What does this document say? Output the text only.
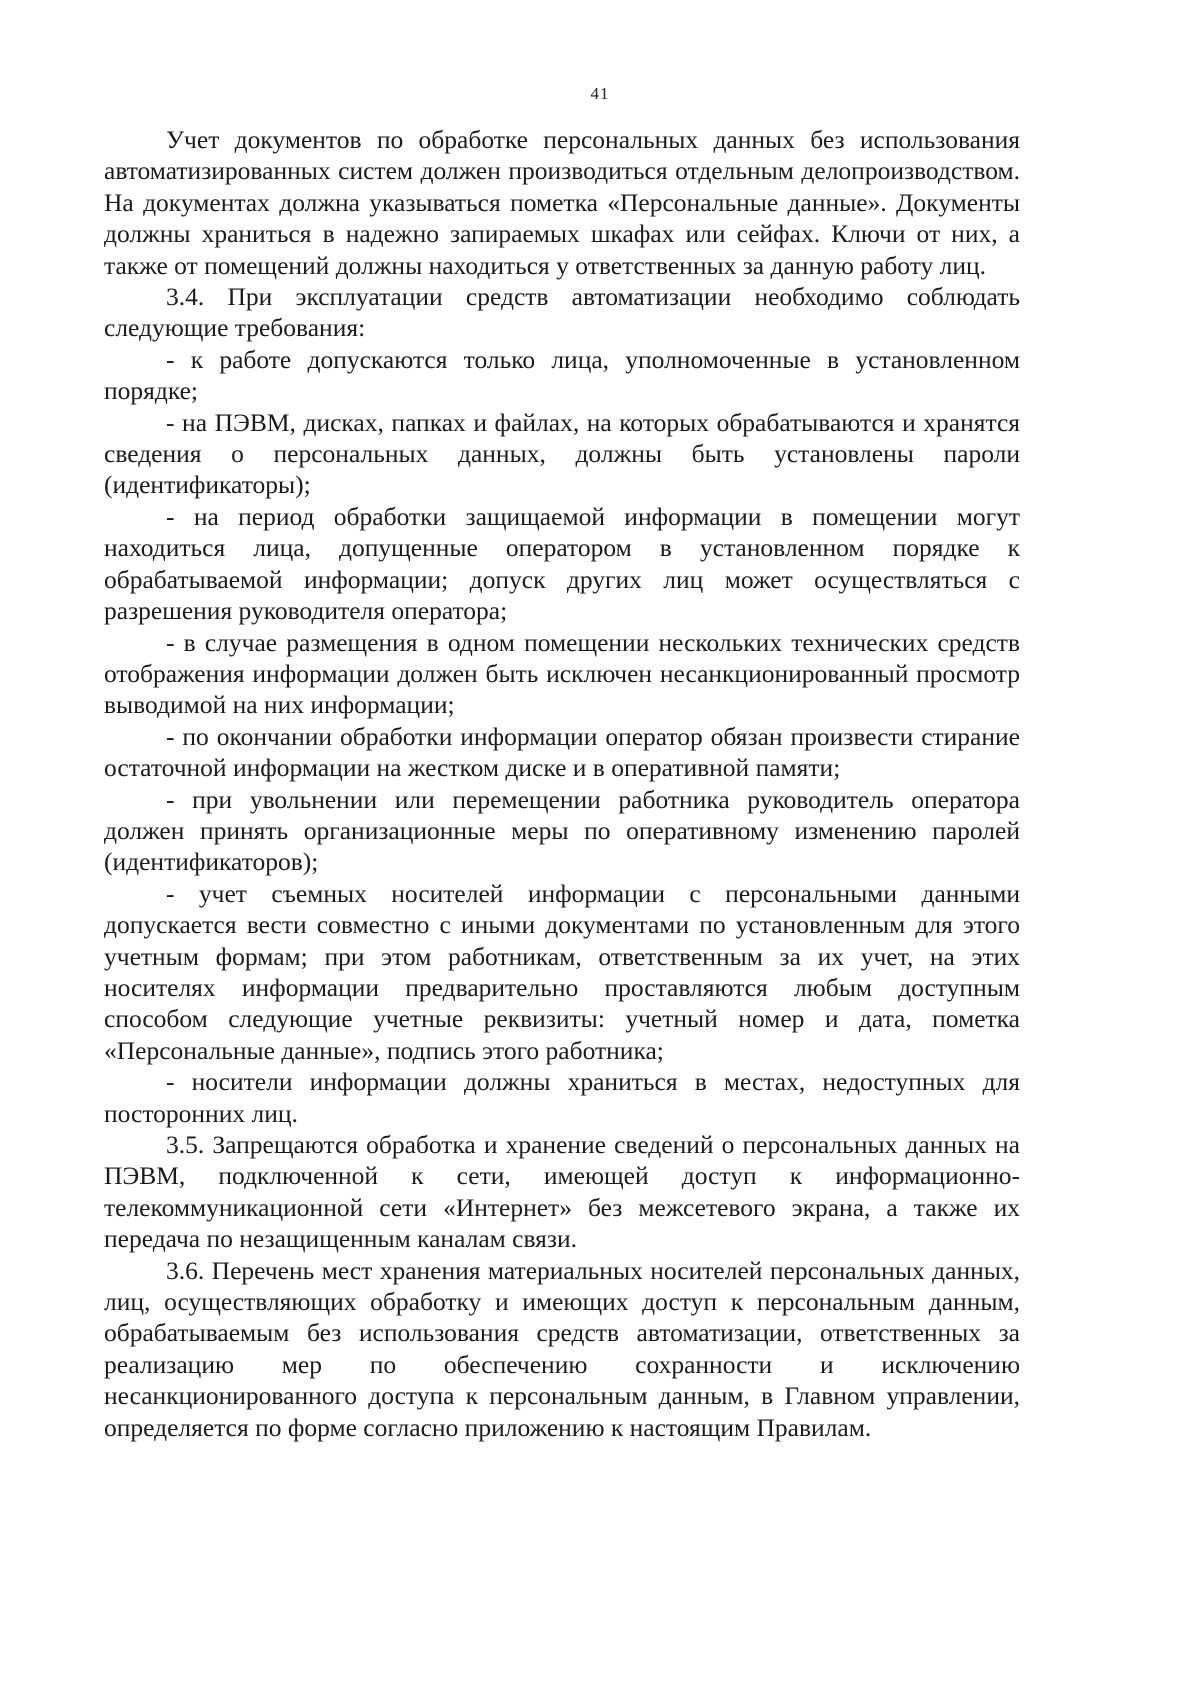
41

Учет документов по обработке персональных данных без использования автоматизированных систем должен производиться отдельным делопроизводством. На документах должна указываться пометка «Персональные данные». Документы должны храниться в надежно запираемых шкафах или сейфах. Ключи от них, а также от помещений должны находиться у ответственных за данную работу лиц.

3.4. При эксплуатации средств автоматизации необходимо соблюдать следующие требования:

- к работе допускаются только лица, уполномоченные в установленном порядке;

- на ПЭВМ, дисках, папках и файлах, на которых обрабатываются и хранятся сведения о персональных данных, должны быть установлены пароли (идентификаторы);

- на период обработки защищаемой информации в помещении могут находиться лица, допущенные оператором в установленном порядке к обрабатываемой информации; допуск других лиц может осуществляться с разрешения руководителя оператора;

- в случае размещения в одном помещении нескольких технических средств отображения информации должен быть исключен несанкционированный просмотр выводимой на них информации;

- по окончании обработки информации оператор обязан произвести стирание остаточной информации на жестком диске и в оперативной памяти;

- при увольнении или перемещении работника руководитель оператора должен принять организационные меры по оперативному изменению паролей (идентификаторов);

- учет съемных носителей информации с персональными данными допускается вести совместно с иными документами по установленным для этого учетным формам; при этом работникам, ответственным за их учет, на этих носителях информации предварительно проставляются любым доступным способом следующие учетные реквизиты: учетный номер и дата, пометка «Персональные данные», подпись этого работника;

- носители информации должны храниться в местах, недоступных для посторонних лиц.

3.5. Запрещаются обработка и хранение сведений о персональных данных на ПЭВМ, подключенной к сети, имеющей доступ к информационно-телекоммуникационной сети «Интернет» без межсетевого экрана, а также их передача по незащищенным каналам связи.

3.6. Перечень мест хранения материальных носителей персональных данных, лиц, осуществляющих обработку и имеющих доступ к персональным данным, обрабатываемым без использования средств автоматизации, ответственных за реализацию мер по обеспечению сохранности и исключению несанкционированного доступа к персональным данным, в Главном управлении, определяется по форме согласно приложению к настоящим Правилам.
